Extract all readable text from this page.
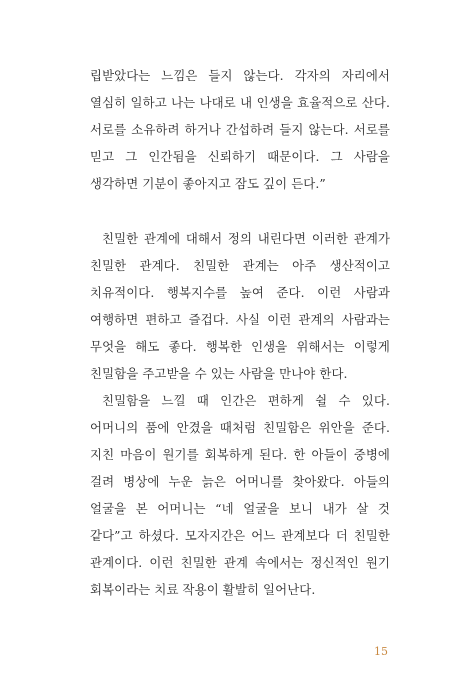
립받았다는 느낌은 들지 않는다. 각자의 자리에서 열심히 일하고 나는 나대로 내 인생을 효율적으로 산다. 서로를 소유하려 하거나 간섭하려 들지 않는다. 서로를 믿고 그 인간됨을 신뢰하기 때문이다. 그 사람을 생각하면 기분이 좋아지고 잠도 깊이 든다.”

친밀한 관계에 대해서 정의 내린다면 이러한 관계가 친밀한 관계다. 친밀한 관계는 아주 생산적이고 치유적이다. 행복지수를 높여 준다. 이런 사람과 여행하면 편하고 즐겁다. 사실 이런 관계의 사람과는 무엇을 해도 좋다. 행복한 인생을 위해서는 이렇게 친밀함을 주고받을 수 있는 사람을 만나야 한다.

친밀함을 느낄 때 인간은 편하게 쉴 수 있다. 어머니의 품에 안겼을 때처럼 친밀함은 위안을 준다. 지친 마음이 원기를 회복하게 된다. 한 아들이 중병에 걸려 병상에 누운 늙은 어머니를 찾아왔다. 아들의 얼굴을 본 어머니는 “네 얼굴을 보니 내가 살 것 같다”고 하셨다. 모자지간은 어느 관계보다 더 친밀한 관계이다. 이런 친밀한 관계 속에서는 정신적인 원기 회복이라는 치료 작용이 활발히 일어난다.

15
